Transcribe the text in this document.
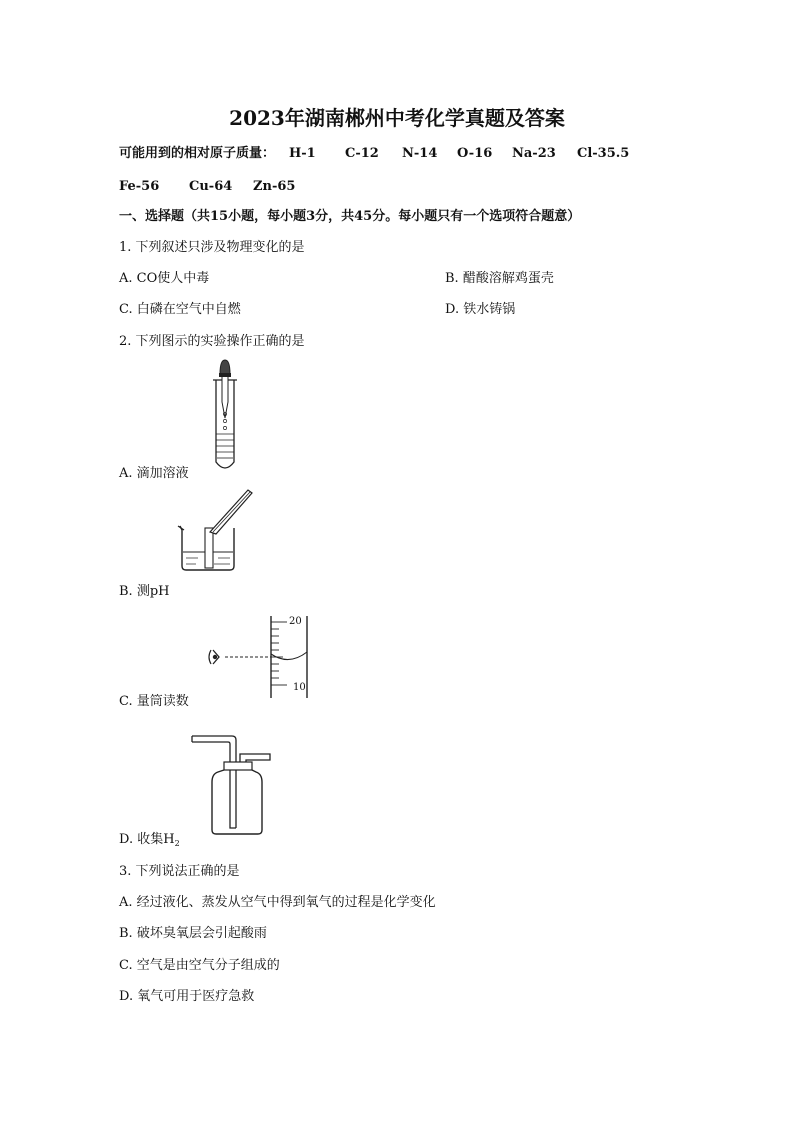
2023年湖南郴州中考化学真题及答案
可能用到的相对原子质量： H-1 C-12 N-14 O-16 Na-23 Cl-35.5
Fe-56 Cu-64 Zn-65
一、选择题（共15小题，每小题3分，共45分。每小题只有一个选项符合题意）
1. 下列叙述只涉及物理变化的是
A. CO使人中毒	B. 醋酸溶解鸡蛋壳
C. 白磷在空气中自燃	D. 铁水铸锅
2. 下列图示的实验操作正确的是
A. 滴加溶液
B. 测pH
20
10
C. 量筒读数
D. 收集$H_2$
3. 下列说法正确的是
A. 经过液化、蒸发从空气中得到氧气的过程是化学变化
B. 破坏臭氧层会引起酸雨
C. 空气是由空气分子组成的
D. 氧气可用于医疗急救
